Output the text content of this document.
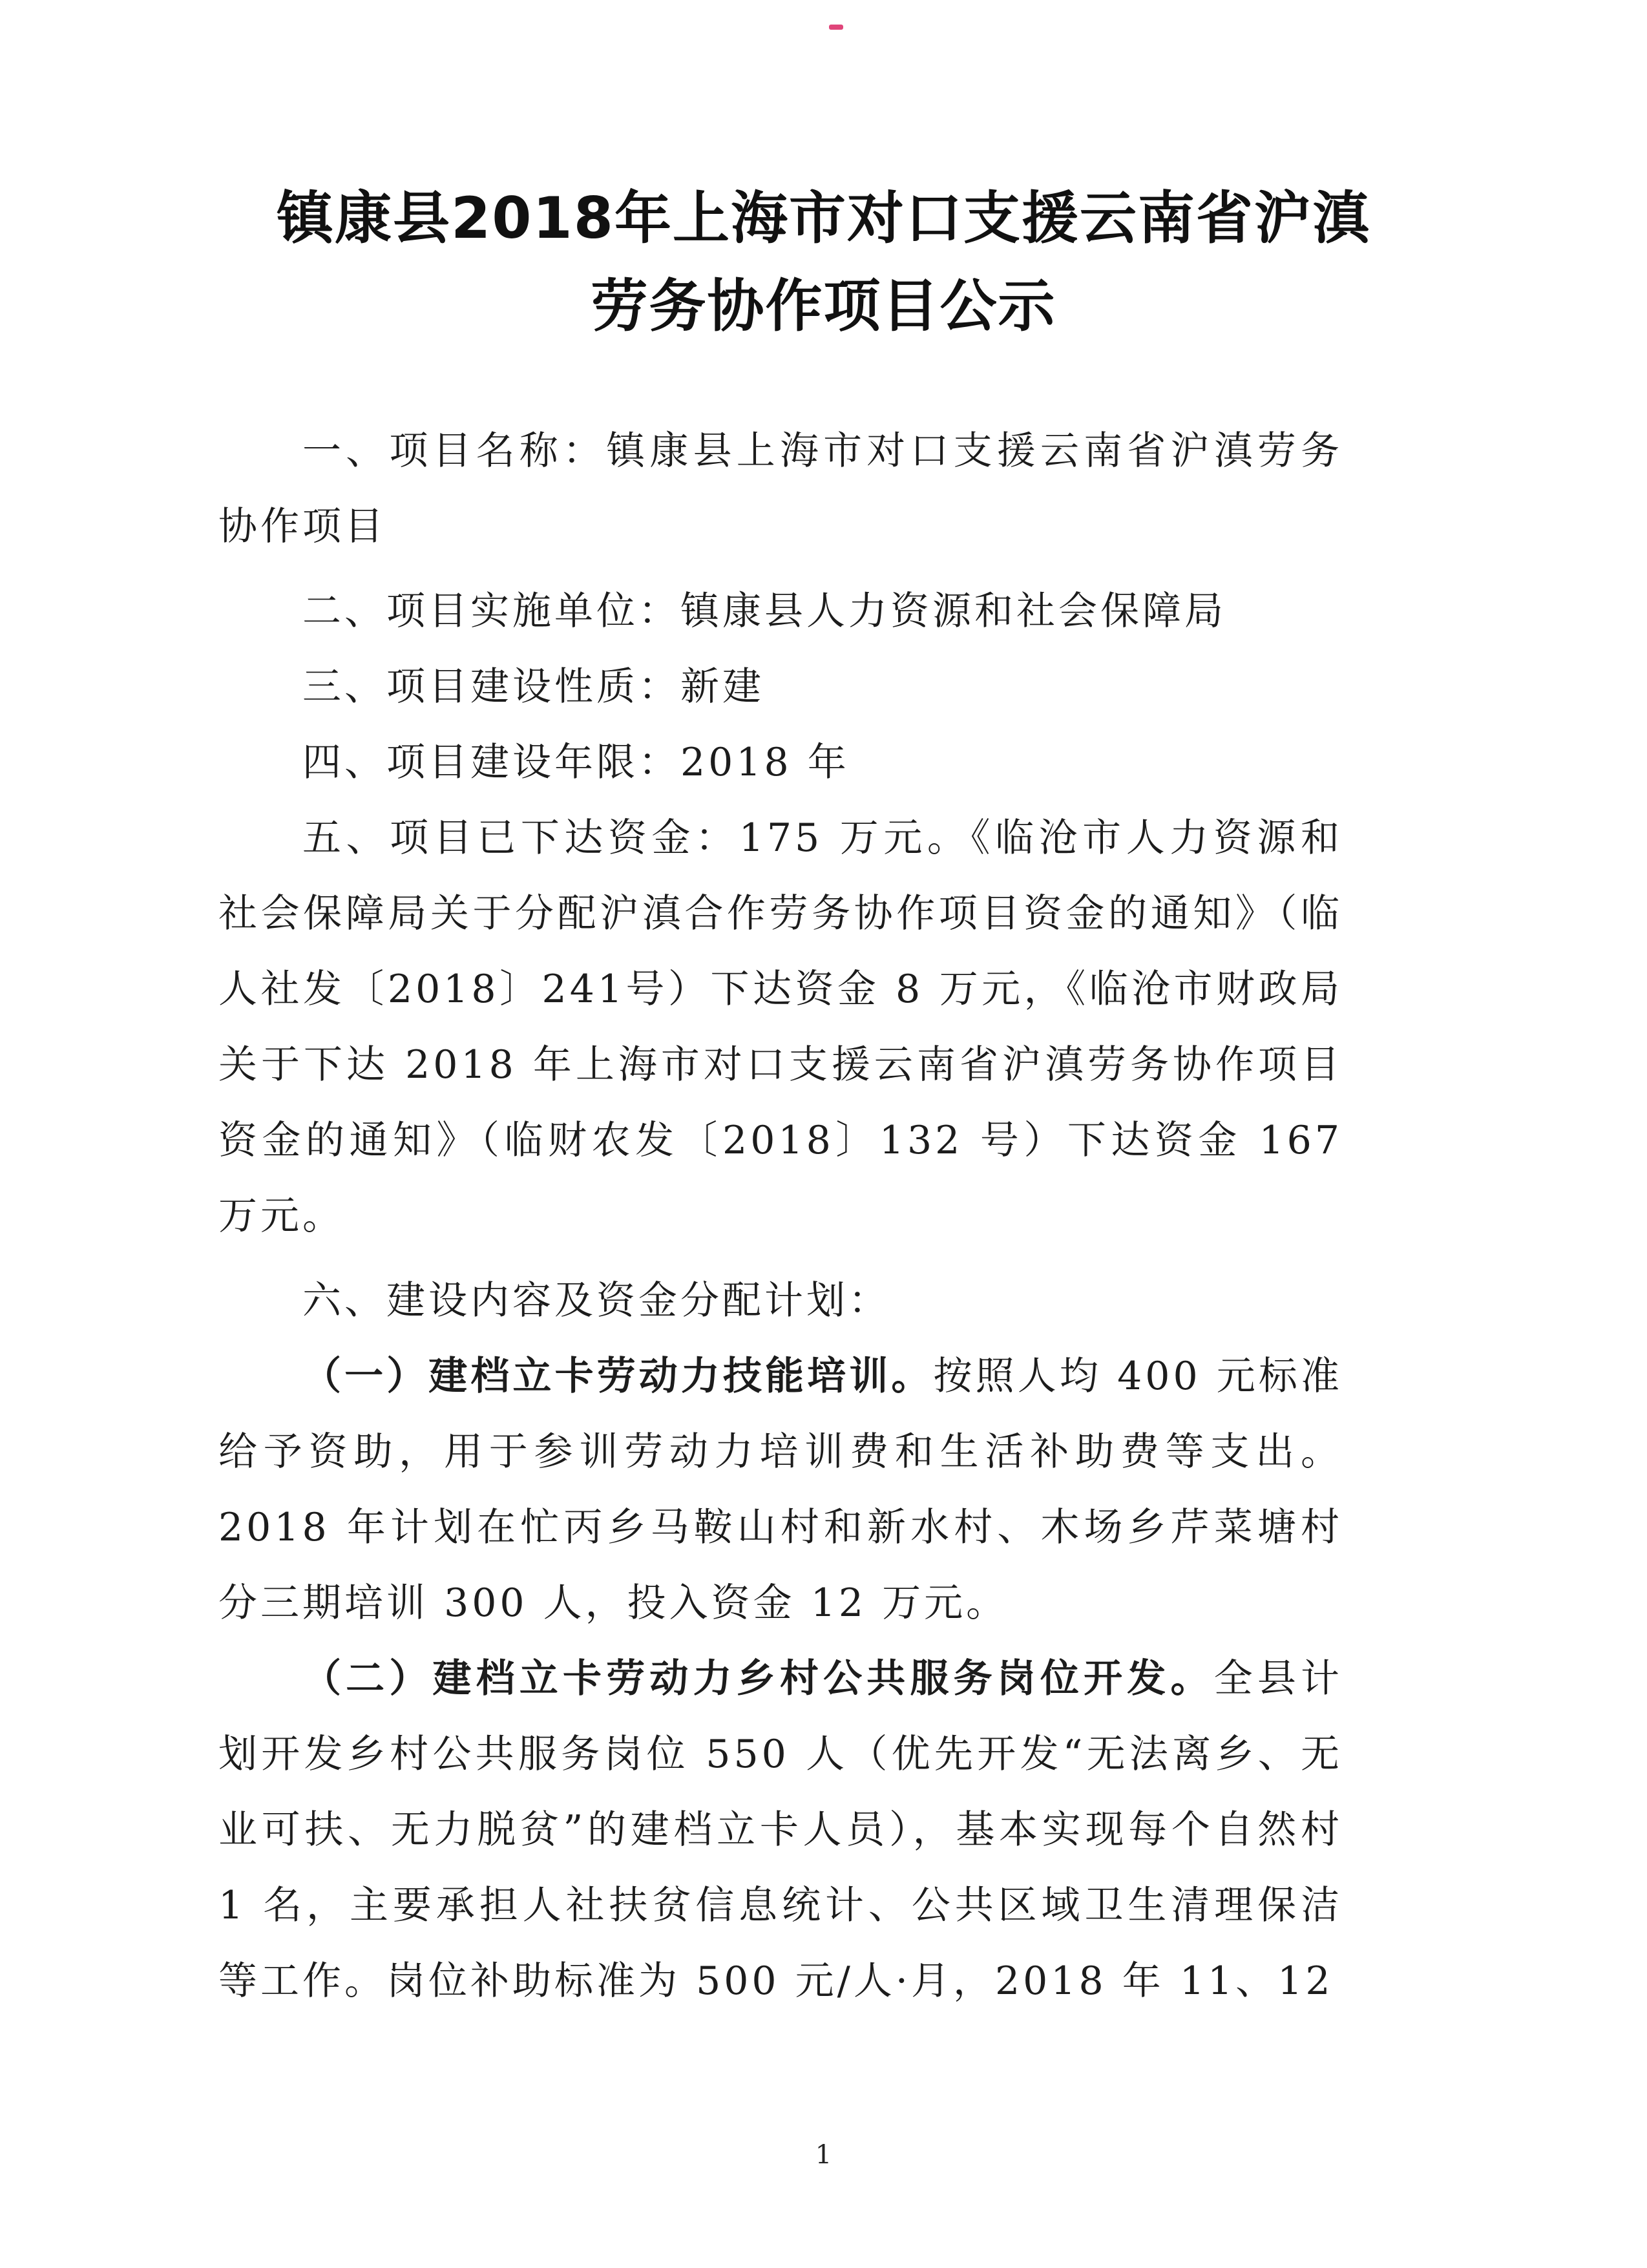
镇康县2018年上海市对口支援云南省沪滇
劳务协作项目公示

一、项目名称：镇康县上海市对口支援云南省沪滇劳务协作项目

二、项目实施单位：镇康县人力资源和社会保障局

三、项目建设性质：新建

四、项目建设年限：2018 年

五、项目已下达资金：175 万元。《临沧市人力资源和社会保障局关于分配沪滇合作劳务协作项目资金的通知》（临人社发〔2018〕241号）下达资金 8 万元，《临沧市财政局关于下达 2018 年上海市对口支援云南省沪滇劳务协作项目资金的通知》（临财农发〔2018〕132 号）下达资金 167 万元。

六、建设内容及资金分配计划：

（一）建档立卡劳动力技能培训。按照人均 400 元标准给予资助，用于参训劳动力培训费和生活补助费等支出。2018 年计划在忙丙乡马鞍山村和新水村、木场乡芹菜塘村分三期培训 300 人，投入资金 12 万元。

（二）建档立卡劳动力乡村公共服务岗位开发。全县计划开发乡村公共服务岗位 550 人（优先开发“无法离乡、无业可扶、无力脱贫”的建档立卡人员），基本实现每个自然村 1 名，主要承担人社扶贫信息统计、公共区域卫生清理保洁等工作。岗位补助标准为 500 元/人·月，2018 年 11、12

1
